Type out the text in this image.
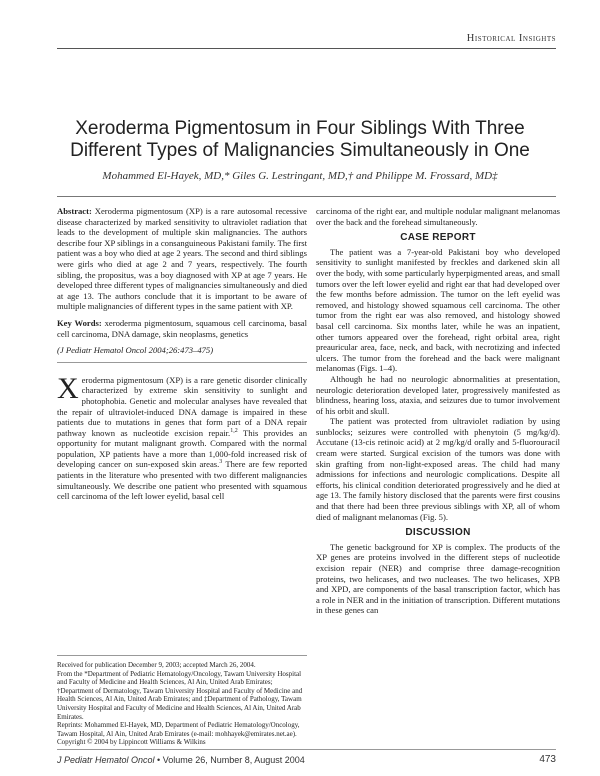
Historical Insights
Xeroderma Pigmentosum in Four Siblings With Three Different Types of Malignancies Simultaneously in One
Mohammed El-Hayek, MD,* Giles G. Lestringant, MD,† and Philippe M. Frossard, MD‡

Abstract: Xeroderma pigmentosum (XP) is a rare autosomal recessive disease characterized by marked sensitivity to ultraviolet radiation that leads to the development of multiple skin malignancies. The authors describe four XP siblings in a consanguineous Pakistani family. The first patient was a boy who died at age 2 years. The second and third siblings were girls who died at age 2 and 7 years, respectively. The fourth sibling, the propositus, was a boy diagnosed with XP at age 7 years. He developed three different types of malignancies simultaneously and died at age 13. The authors conclude that it is important to be aware of multiple malignancies of different types in the same patient with XP.

Key Words: xeroderma pigmentosum, squamous cell carcinoma, basal cell carcinoma, DNA damage, skin neoplasms, genetics

(J Pediatr Hematol Oncol 2004;26:473–475)

Xeroderma pigmentosum (XP) is a rare genetic disorder clinically characterized by extreme skin sensitivity to sunlight and photophobia. Genetic and molecular analyses have revealed that the repair of ultraviolet-induced DNA damage is impaired in these patients due to mutations in genes that form part of a DNA repair pathway known as nucleotide excision repair.$^{1,2}$ This provides an opportunity for mutant malignant growth. Compared with the normal population, XP patients have a more than 1,000-fold increased risk of developing cancer on sun-exposed skin areas.$^3$ There are few reported patients in the literature who presented with two different malignancies simultaneously. We describe one patient who presented with squamous cell carcinoma of the left lower eyelid, basal cell
Received for publication December 9, 2003; accepted March 26, 2004.
From the *Department of Pediatric Hematology/Oncology, Tawam University Hospital and Faculty of Medicine and Health Sciences, Al Ain, United Arab Emirates; †Department of Dermatology, Tawam University Hospital and Faculty of Medicine and Health Sciences, Al Ain, United Arab Emirates; and ‡Department of Pathology, Tawam University Hospital and Faculty of Medicine and Health Sciences, Al Ain, United Arab Emirates.
Reprints: Mohammed El-Hayek, MD, Department of Pediatric Hematology/Oncology, Tawam Hospital, Al Ain, United Arab Emirates (e-mail: mohhayek@emirates.net.ae).
Copyright © 2004 by Lippincott Williams & Wilkins

carcinoma of the right ear, and multiple nodular malignant melanomas over the back and the forehead simultaneously.

CASE REPORT

The patient was a 7-year-old Pakistani boy who developed sensitivity to sunlight manifested by freckles and darkened skin all over the body, with some particularly hyperpigmented areas, and small tumors over the left lower eyelid and right ear that had developed over the few months before admission. The tumor on the left eyelid was removed, and histology showed squamous cell carcinoma. The other tumor from the right ear was also removed, and histology showed basal cell carcinoma. Six months later, while he was an inpatient, other tumors appeared over the forehead, right orbital area, right preauricular area, face, neck, and back, with necrotizing and infected ulcers. The tumor from the forehead and the back were malignant melanomas (Figs. 1–4).

Although he had no neurologic abnormalities at presentation, neurologic deterioration developed later, progressively manifested as blindness, hearing loss, ataxia, and seizures due to tumor involvement of his orbit and skull.

The patient was protected from ultraviolet radiation by using sunblocks; seizures were controlled with phenytoin (5 mg/kg/d). Accutane (13-cis retinoic acid) at 2 mg/kg/d orally and 5-fluorouracil cream were started. Surgical excision of the tumors was done with skin grafting from non-light-exposed areas. The child had many admissions for infections and neurologic complications. Despite all efforts, his clinical condition deteriorated progressively and he died at age 13. The family history disclosed that the parents were first cousins and that there had been three previous siblings with XP, all of whom died of malignant melanomas (Fig. 5).

DISCUSSION

The genetic background for XP is complex. The products of the XP genes are proteins involved in the different steps of nucleotide excision repair (NER) and comprise three damage-recognition proteins, two helicases, and two nucleases. The two helicases, XPB and XPD, are components of the basal transcription factor, which has a role in NER and in the initiation of transcription. Different mutations in these genes can

J Pediatr Hematol Oncol • Volume 26, Number 8, August 2004	473
